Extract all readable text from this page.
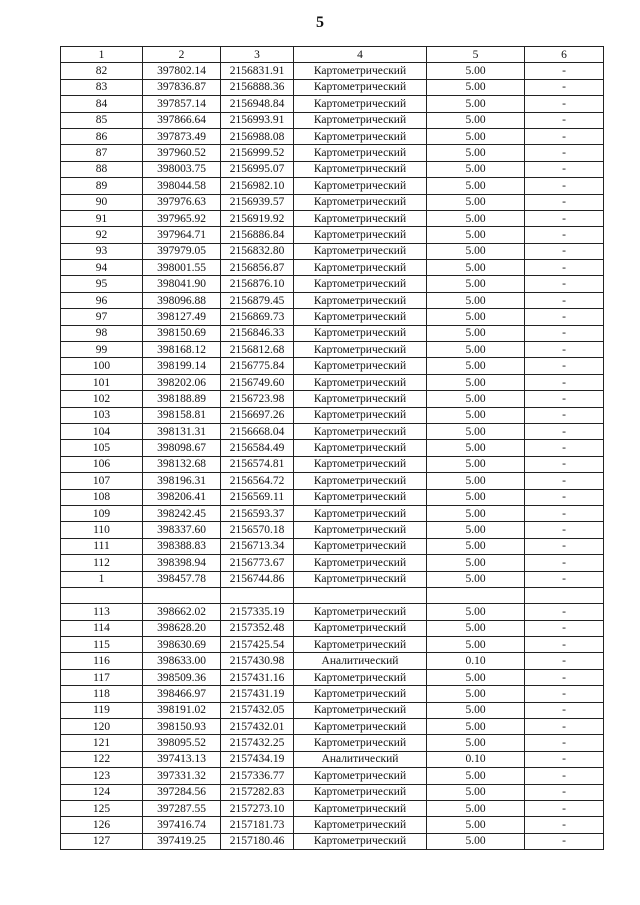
5
1	2	3	4	5	6
82	397802.14	2156831.91	Картометрический	5.00	-
83	397836.87	2156888.36	Картометрический	5.00	-
84	397857.14	2156948.84	Картометрический	5.00	-
85	397866.64	2156993.91	Картометрический	5.00	-
86	397873.49	2156988.08	Картометрический	5.00	-
87	397960.52	2156999.52	Картометрический	5.00	-
88	398003.75	2156995.07	Картометрический	5.00	-
89	398044.58	2156982.10	Картометрический	5.00	-
90	397976.63	2156939.57	Картометрический	5.00	-
91	397965.92	2156919.92	Картометрический	5.00	-
92	397964.71	2156886.84	Картометрический	5.00	-
93	397979.05	2156832.80	Картометрический	5.00	-
94	398001.55	2156856.87	Картометрический	5.00	-
95	398041.90	2156876.10	Картометрический	5.00	-
96	398096.88	2156879.45	Картометрический	5.00	-
97	398127.49	2156869.73	Картометрический	5.00	-
98	398150.69	2156846.33	Картометрический	5.00	-
99	398168.12	2156812.68	Картометрический	5.00	-
100	398199.14	2156775.84	Картометрический	5.00	-
101	398202.06	2156749.60	Картометрический	5.00	-
102	398188.89	2156723.98	Картометрический	5.00	-
103	398158.81	2156697.26	Картометрический	5.00	-
104	398131.31	2156668.04	Картометрический	5.00	-
105	398098.67	2156584.49	Картометрический	5.00	-
106	398132.68	2156574.81	Картометрический	5.00	-
107	398196.31	2156564.72	Картометрический	5.00	-
108	398206.41	2156569.11	Картометрический	5.00	-
109	398242.45	2156593.37	Картометрический	5.00	-
110	398337.60	2156570.18	Картометрический	5.00	-
111	398388.83	2156713.34	Картометрический	5.00	-
112	398398.94	2156773.67	Картометрический	5.00	-
1	398457.78	2156744.86	Картометрический	5.00	-

113	398662.02	2157335.19	Картометрический	5.00	-
114	398628.20	2157352.48	Картометрический	5.00	-
115	398630.69	2157425.54	Картометрический	5.00	-
116	398633.00	2157430.98	Аналитический	0.10	-
117	398509.36	2157431.16	Картометрический	5.00	-
118	398466.97	2157431.19	Картометрический	5.00	-
119	398191.02	2157432.05	Картометрический	5.00	-
120	398150.93	2157432.01	Картометрический	5.00	-
121	398095.52	2157432.25	Картометрический	5.00	-
122	397413.13	2157434.19	Аналитический	0.10	-
123	397331.32	2157336.77	Картометрический	5.00	-
124	397284.56	2157282.83	Картометрический	5.00	-
125	397287.55	2157273.10	Картометрический	5.00	-
126	397416.74	2157181.73	Картометрический	5.00	-
127	397419.25	2157180.46	Картометрический	5.00	-
